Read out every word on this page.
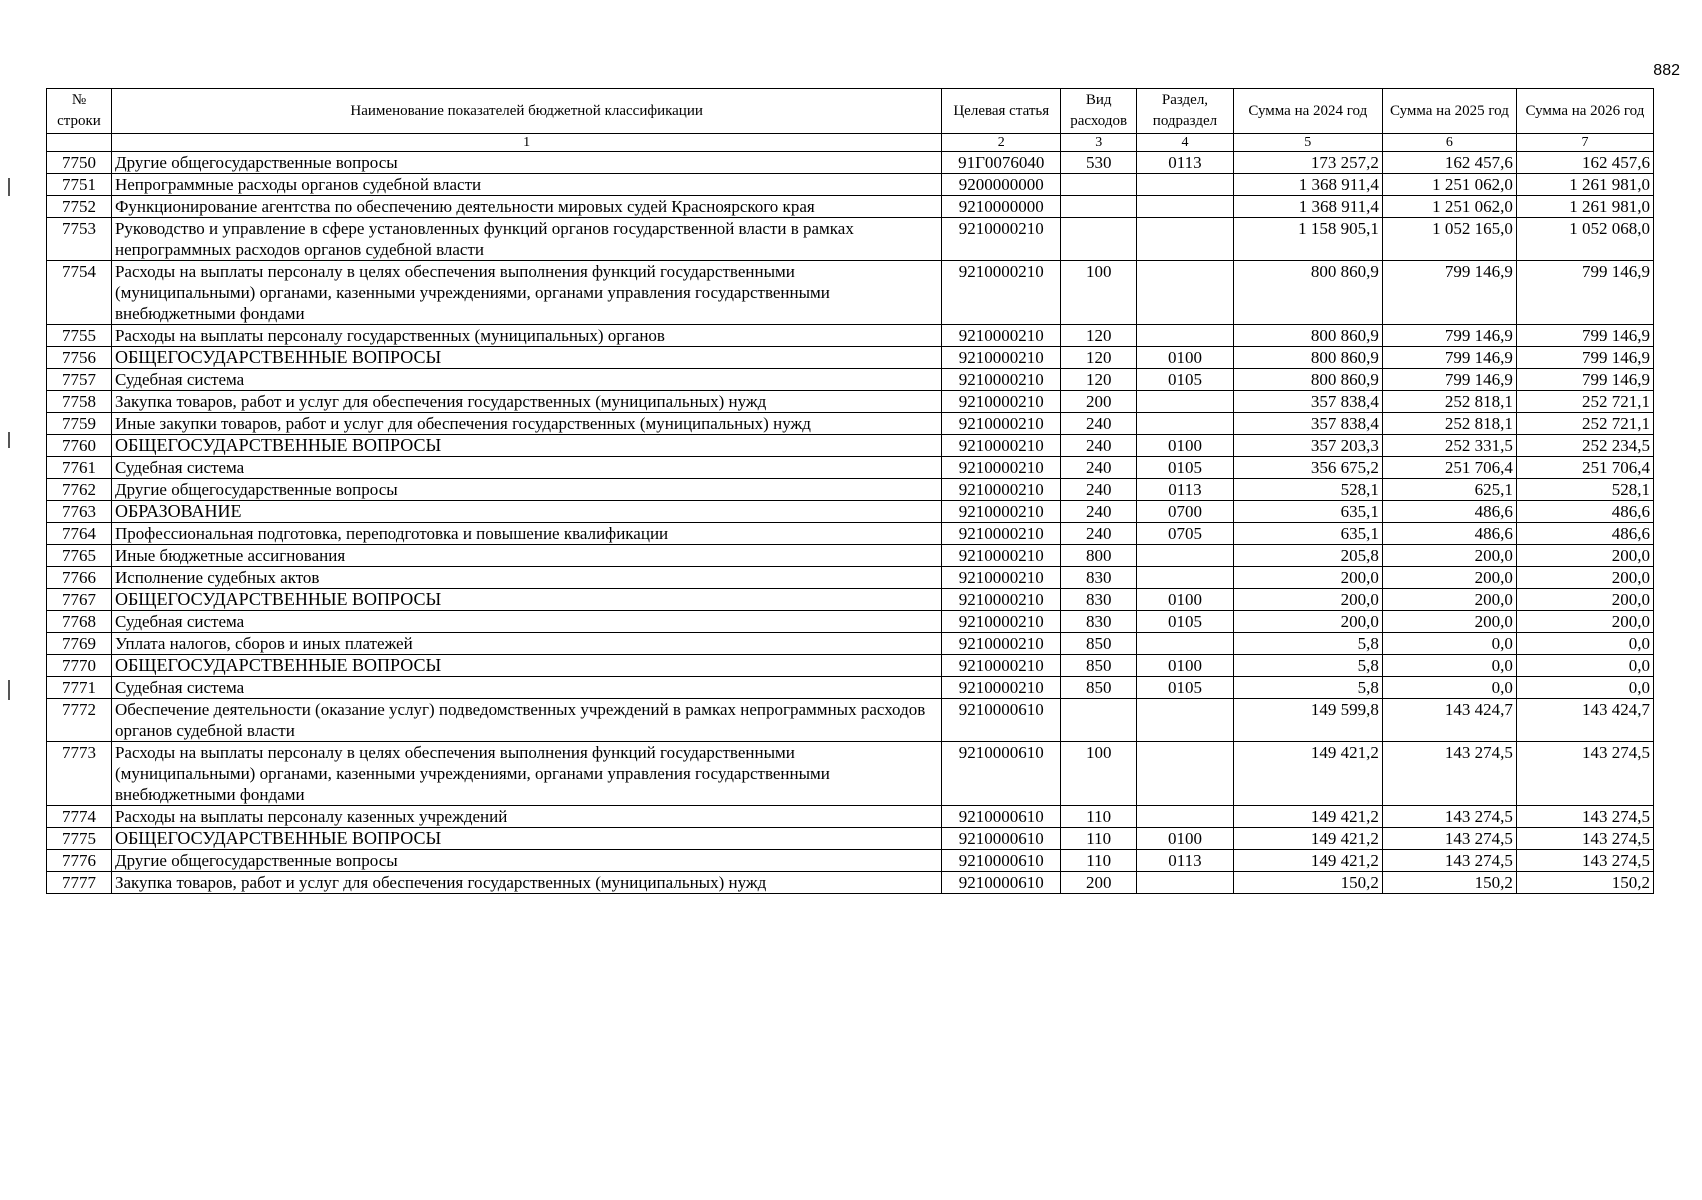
882
№ строки	Наименование показателей бюджетной классификации	Целевая статья	Вид расходов	Раздел, подраздел	Сумма на 2024 год	Сумма на 2025 год	Сумма на 2026 год
	1	2	3	4	5	6	7
7750	Другие общегосударственные вопросы	91Г0076040	530	0113	173 257,2	162 457,6	162 457,6
7751	Непрограммные расходы органов судебной власти	9200000000			1 368 911,4	1 251 062,0	1 261 981,0
7752	Функционирование агентства по обеспечению деятельности мировых судей Красноярского края	9210000000			1 368 911,4	1 251 062,0	1 261 981,0
7753	Руководство и управление в сфере установленных функций органов государственной власти в рамках непрограммных расходов органов судебной власти	9210000210			1 158 905,1	1 052 165,0	1 052 068,0
7754	Расходы на выплаты персоналу в целях обеспечения выполнения функций государственными (муниципальными) органами, казенными учреждениями, органами управления государственными внебюджетными фондами	9210000210	100		800 860,9	799 146,9	799 146,9
7755	Расходы на выплаты персоналу государственных (муниципальных) органов	9210000210	120		800 860,9	799 146,9	799 146,9
7756	ОБЩЕГОСУДАРСТВЕННЫЕ ВОПРОСЫ	9210000210	120	0100	800 860,9	799 146,9	799 146,9
7757	Судебная система	9210000210	120	0105	800 860,9	799 146,9	799 146,9
7758	Закупка товаров, работ и услуг для обеспечения государственных (муниципальных) нужд	9210000210	200		357 838,4	252 818,1	252 721,1
7759	Иные закупки товаров, работ и услуг для обеспечения государственных (муниципальных) нужд	9210000210	240		357 838,4	252 818,1	252 721,1
7760	ОБЩЕГОСУДАРСТВЕННЫЕ ВОПРОСЫ	9210000210	240	0100	357 203,3	252 331,5	252 234,5
7761	Судебная система	9210000210	240	0105	356 675,2	251 706,4	251 706,4
7762	Другие общегосударственные вопросы	9210000210	240	0113	528,1	625,1	528,1
7763	ОБРАЗОВАНИЕ	9210000210	240	0700	635,1	486,6	486,6
7764	Профессиональная подготовка, переподготовка и повышение квалификации	9210000210	240	0705	635,1	486,6	486,6
7765	Иные бюджетные ассигнования	9210000210	800		205,8	200,0	200,0
7766	Исполнение судебных актов	9210000210	830		200,0	200,0	200,0
7767	ОБЩЕГОСУДАРСТВЕННЫЕ ВОПРОСЫ	9210000210	830	0100	200,0	200,0	200,0
7768	Судебная система	9210000210	830	0105	200,0	200,0	200,0
7769	Уплата налогов, сборов и иных платежей	9210000210	850		5,8	0,0	0,0
7770	ОБЩЕГОСУДАРСТВЕННЫЕ ВОПРОСЫ	9210000210	850	0100	5,8	0,0	0,0
7771	Судебная система	9210000210	850	0105	5,8	0,0	0,0
7772	Обеспечение деятельности (оказание услуг) подведомственных учреждений в рамках непрограммных расходов органов судебной власти	9210000610			149 599,8	143 424,7	143 424,7
7773	Расходы на выплаты персоналу в целях обеспечения выполнения функций государственными (муниципальными) органами, казенными учреждениями, органами управления государственными внебюджетными фондами	9210000610	100		149 421,2	143 274,5	143 274,5
7774	Расходы на выплаты персоналу казенных учреждений	9210000610	110		149 421,2	143 274,5	143 274,5
7775	ОБЩЕГОСУДАРСТВЕННЫЕ ВОПРОСЫ	9210000610	110	0100	149 421,2	143 274,5	143 274,5
7776	Другие общегосударственные вопросы	9210000610	110	0113	149 421,2	143 274,5	143 274,5
7777	Закупка товаров, работ и услуг для обеспечения государственных (муниципальных) нужд	9210000610	200		150,2	150,2	150,2
